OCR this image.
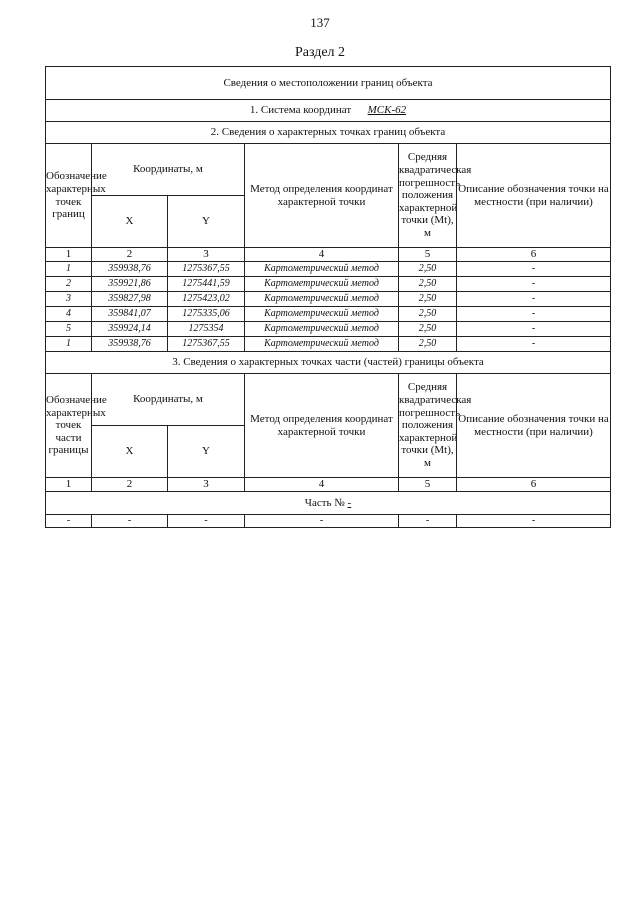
137
Раздел 2
Сведения о местоположении границ объекта					
1. Система координат МСК-62					
2. Сведения о характерных точках границ объекта					
Обозначение характерных точек границ	Координаты, м		Метод определения координат характерной точки	Средняя квадратическая погрешность положения характерной точки (Mt), м	Описание обозначения точки на местности (при наличии)
	X	Y			
1	2	3	4	5	6
1	359938,76	1275367,55	Картометрический метод	2,50	-
2	359921,86	1275441,59	Картометрический метод	2,50	-
3	359827,98	1275423,02	Картометрический метод	2,50	-
4	359841,07	1275335,06	Картометрический метод	2,50	-
5	359924,14	1275354	Картометрический метод	2,50	-
1	359938,76	1275367,55	Картометрический метод	2,50	-
3. Сведения о характерных точках части (частей) границы объекта					
Обозначение характерных точек части границы	Координаты, м		Метод определения координат характерной точки	Средняя квадратическая погрешность положения характерной точки (Mt), м	Описание обозначения точки на местности (при наличии)
	X	Y			
1	2	3	4	5	6
Часть № -					
-	-	-	-	-	-
